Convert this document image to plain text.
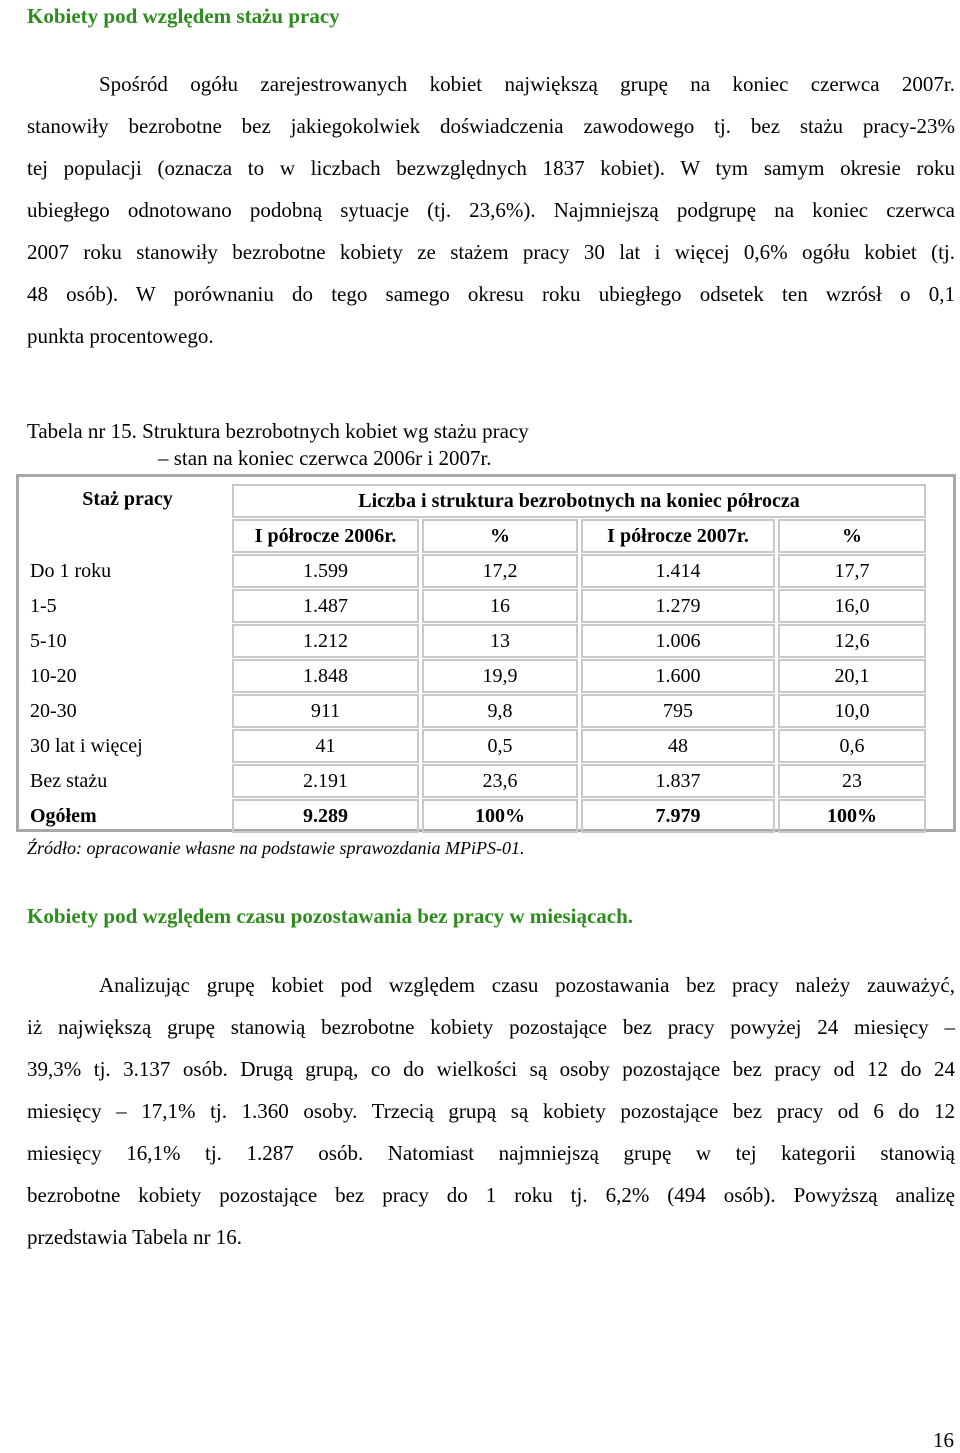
Kobiety pod względem stażu pracy
Spośród ogółu zarejestrowanych kobiet największą grupę na koniec czerwca 2007r.
stanowiły bezrobotne bez jakiegokolwiek doświadczenia zawodowego tj. bez stażu pracy-23%
tej populacji (oznacza to w liczbach bezwzględnych 1837 kobiet). W tym samym okresie roku
ubiegłego odnotowano podobną sytuacje (tj. 23,6%). Najmniejszą podgrupę na koniec czerwca
2007 roku stanowiły bezrobotne kobiety ze stażem pracy 30 lat i więcej 0,6% ogółu kobiet (tj.
48 osób). W porównaniu do tego samego okresu roku ubiegłego odsetek ten wzrósł o 0,1
punkta procentowego.
Tabela nr 15. Struktura bezrobotnych kobiet wg stażu pracy
– stan na koniec czerwca 2006r i 2007r.
Staż pracy	Liczba i struktura bezrobotnych na koniec półrocza			
	I półrocze 2006r.	%	I półrocze 2007r.	%
Do 1 roku	1.599	17,2	1.414	17,7
1-5	1.487	16	1.279	16,0
5-10	1.212	13	1.006	12,6
10-20	1.848	19,9	1.600	20,1
20-30	911	9,8	795	10,0
30 lat i więcej	41	0,5	48	0,6
Bez stażu	2.191	23,6	1.837	23
Ogółem	9.289	100%	7.979	100%
Źródło: opracowanie własne na podstawie sprawozdania MPiPS-01.
Kobiety pod względem czasu pozostawania bez pracy w miesiącach.
Analizując grupę kobiet pod względem czasu pozostawania bez pracy należy zauważyć,
iż największą grupę stanowią bezrobotne kobiety pozostające bez pracy powyżej 24 miesięcy –
39,3% tj. 3.137 osób. Drugą grupą, co do wielkości są osoby pozostające bez pracy od 12 do 24
miesięcy – 17,1% tj. 1.360 osoby. Trzecią grupą są kobiety pozostające bez pracy od 6 do 12
miesięcy 16,1% tj. 1.287 osób. Natomiast najmniejszą grupę w tej kategorii stanowią
bezrobotne kobiety pozostające bez pracy do 1 roku tj. 6,2% (494 osób). Powyższą analizę
przedstawia Tabela nr 16.
16
